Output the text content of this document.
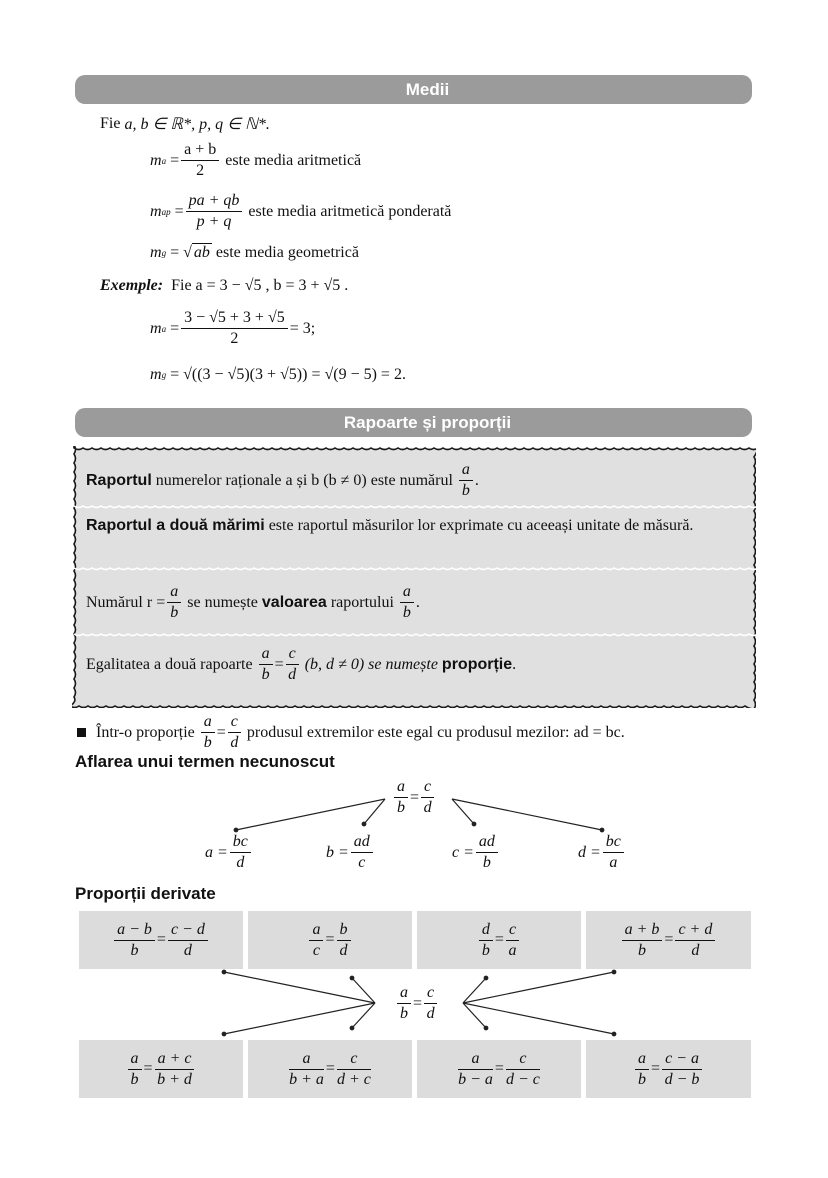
Medii
Fie
a, b ∈ ℝ*, p, q ∈ ℕ*.
m $a = \frac{a + b}{2}$
este media aritmetică
m ap = $\frac{pa + qb}{p + q}$
este media aritmetică ponderată
m g = √ ab
este media geometrică
Exemple:
Fie a = 3 − √5 , b = 3 + √5 .
m $a = \frac{3 - √5 + 3 + √5}{2} = 3$;
m g
= √((3 − √5)(3 + √5)) = √(9 − 5) = 2.
Rapoarte și proporții
Raportul
numerelor raționale a și b (b ≠ 0) este numărul
$\frac{a}{b}$ .
Raportul a două mărimi este raportul măsurilor lor exprimate cu aceeași unitate de măsură.
Numărul $r = \frac{a}{b}$
se numește
valoarea
raportului
$\frac{a}{b}$ .
Egalitatea a două rapoarte
$\frac{a}{b} = \frac{c}{d}$
(b, d ≠ 0) se numește
proporție .
Într-o proporție
$\frac{a}{b} = \frac{c}{d}$
produsul extremilor este egal cu produsul mezilor: ad = bc.
Aflarea unui termen necunoscut
$\frac{a}{b} = \frac{c}{d}$
$a = \frac{bc}{d}$	$b = \frac{ad}{c}$	$c = \frac{ad}{b}$	$d = \frac{bc}{a}$
Proporții derivate
$\frac{a - b}{b} = \frac{c - d}{d}$	$\frac{a}{c} = \frac{b}{d}$	$\frac{d}{b} = \frac{c}{a}$	$\frac{a + b}{b} = \frac{c + d}{d}$
$\frac{a}{b} = \frac{a + c}{b + d}$	$\frac{a}{b + a} = \frac{c}{d + c}$	$\frac{a}{b - a} = \frac{c}{d - c}$	$\frac{a}{b} = \frac{c - a}{d - b}$
$\frac{a}{b} = \frac{c}{d}$
